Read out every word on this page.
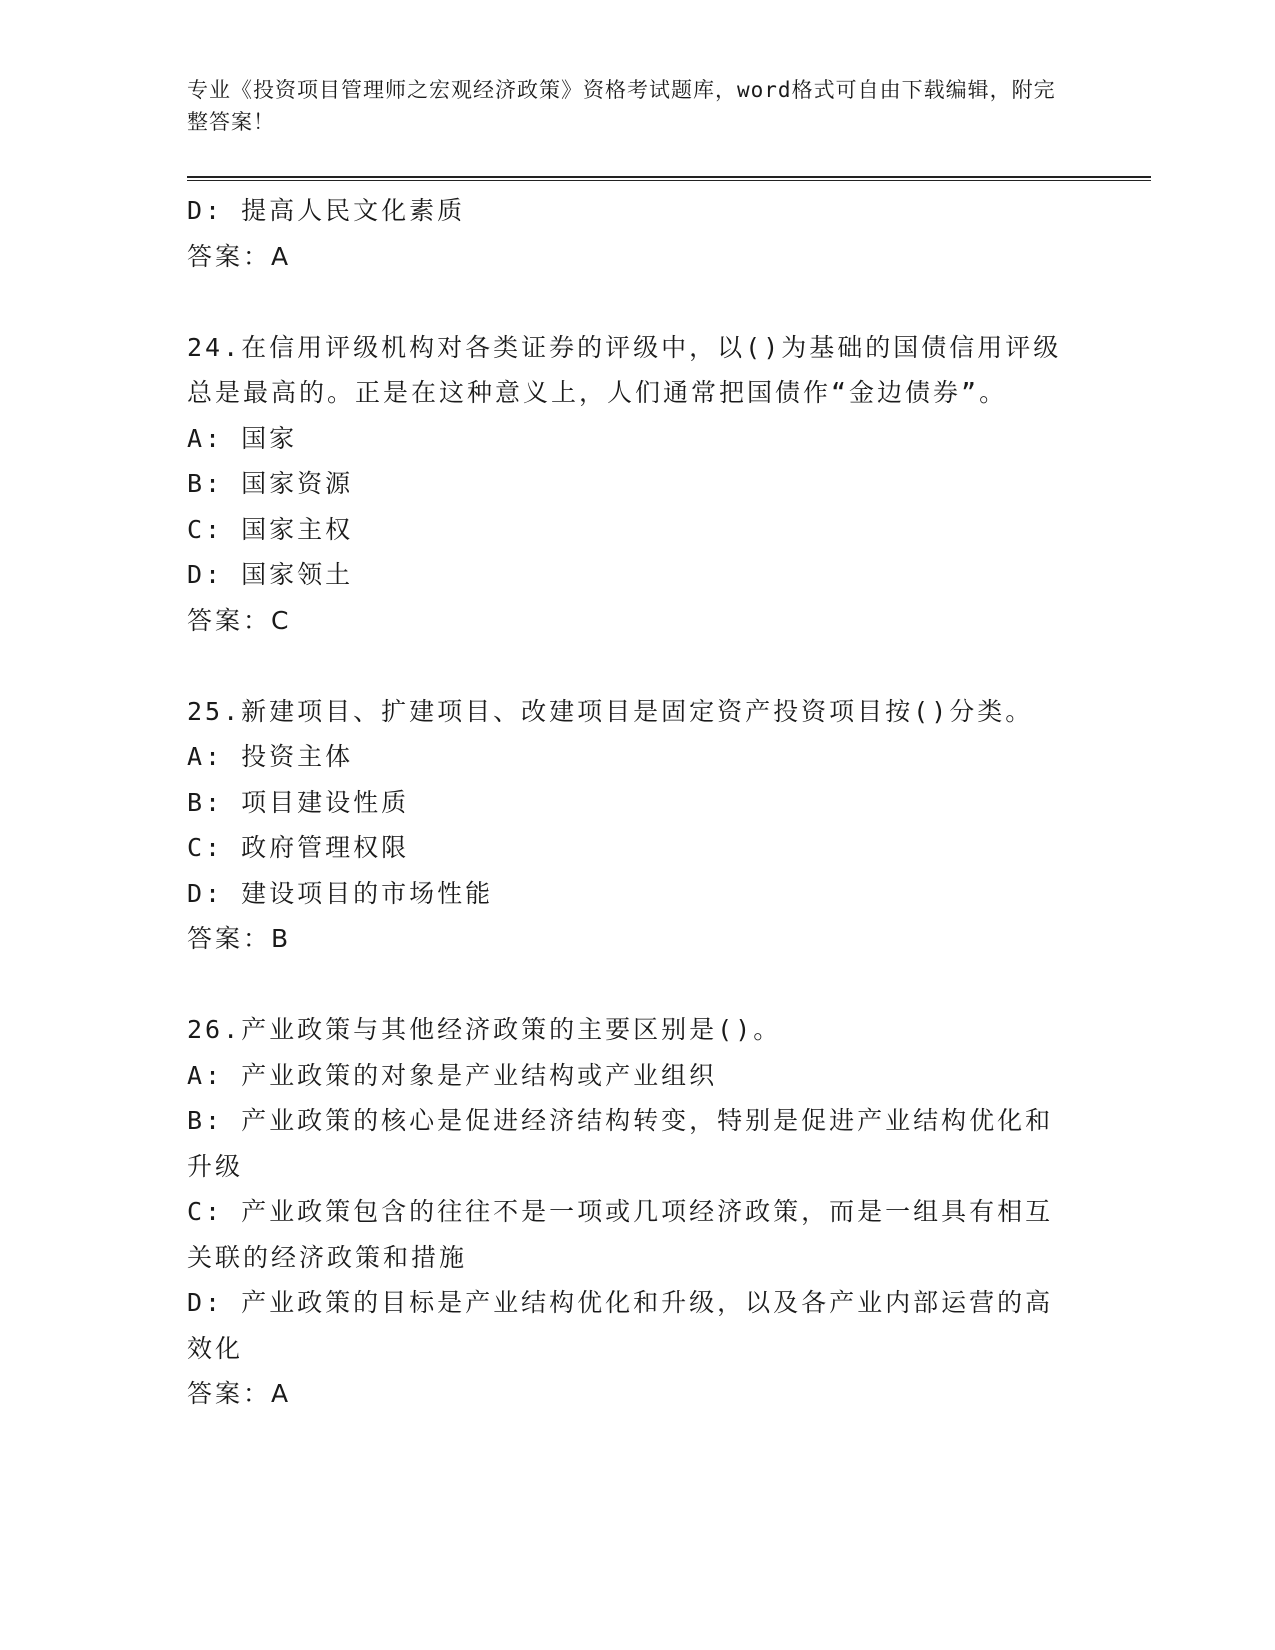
专业《投资项目管理师之宏观经济政策》资格考试题库，word格式可自由下载编辑，附完整答案！
D: 提高人民文化素质
答案：A
24.在信用评级机构对各类证券的评级中，以()为基础的国债信用评级总是最高的。正是在这种意义上，人们通常把国债作“金边债券”。
A: 国家
B: 国家资源
C: 国家主权
D: 国家领土
答案：C
25.新建项目、扩建项目、改建项目是固定资产投资项目按()分类。
A: 投资主体
B: 项目建设性质
C: 政府管理权限
D: 建设项目的市场性能
答案：B
26.产业政策与其他经济政策的主要区别是()。
A: 产业政策的对象是产业结构或产业组织
B: 产业政策的核心是促进经济结构转变，特别是促进产业结构优化和升级
C: 产业政策包含的往往不是一项或几项经济政策，而是一组具有相互关联的经济政策和措施
D: 产业政策的目标是产业结构优化和升级，以及各产业内部运营的高效化
答案：A
